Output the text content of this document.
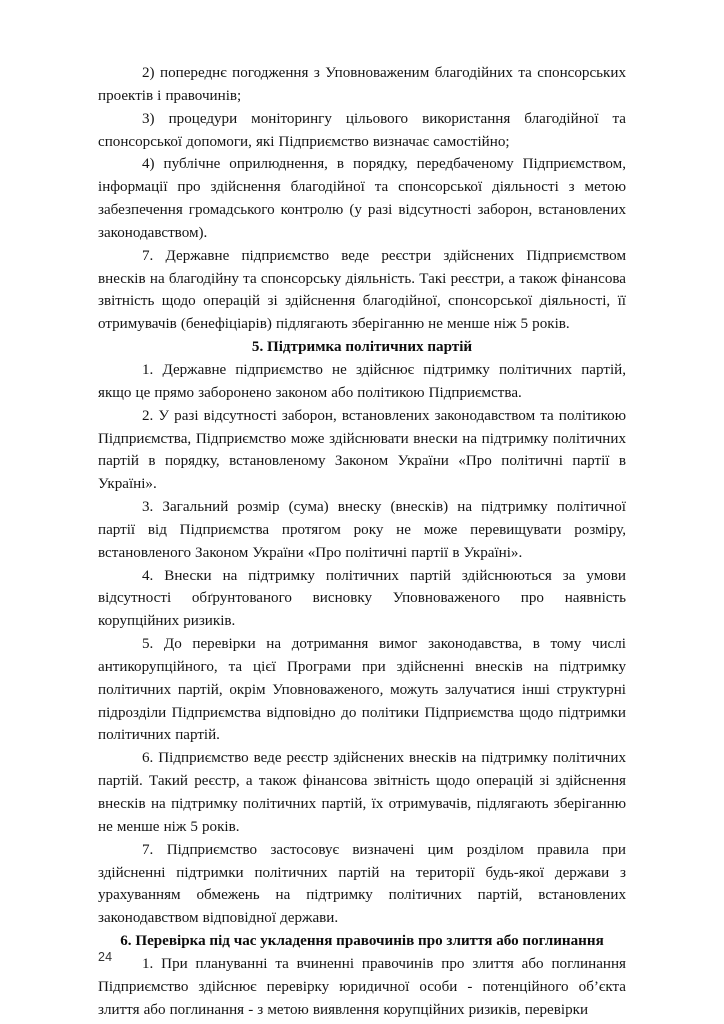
2) попереднє погодження з Уповноваженим благодійних та спонсорських проектів і правочинів;

3) процедури моніторингу цільового використання благодійної та спонсорської допомоги, які Підприємство визначає самостійно;

4) публічне оприлюднення, в порядку, передбаченому Підприємством, інформації про здійснення благодійної та спонсорської діяльності з метою забезпечення громадського контролю (у разі відсутності заборон, встановлених законодавством).

7. Державне підприємство веде реєстри здійснених Підприємством внесків на благодійну та спонсорську діяльність. Такі реєстри, а також фінансова звітність щодо операцій зі здійснення благодійної, спонсорської діяльності, її отримувачів (бенефіціарів) підлягають зберіганню не менше ніж 5 років.

5. Підтримка політичних партій

1. Державне підприємство не здійснює підтримку політичних партій, якщо це прямо заборонено законом або політикою Підприємства.

2. У разі відсутності заборон, встановлених законодавством та політикою Підприємства, Підприємство може здійснювати внески на підтримку політичних партій в порядку, встановленому Законом України «Про політичні партії в Україні».

3. Загальний розмір (сума) внеску (внесків) на підтримку політичної партії від Підприємства протягом року не може перевищувати розміру, встановленого Законом України «Про політичні партії в Україні».

4. Внески на підтримку політичних партій здійснюються за умови відсутності обґрунтованого висновку Уповноваженого про наявність корупційних ризиків.

5. До перевірки на дотримання вимог законодавства, в тому числі антикорупційного, та цієї Програми при здійсненні внесків на підтримку політичних партій, окрім Уповноваженого, можуть залучатися інші структурні підрозділи Підприємства відповідно до політики Підприємства щодо підтримки політичних партій.

6. Підприємство веде реєстр здійснених внесків на підтримку політичних партій. Такий реєстр, а також фінансова звітність щодо операцій зі здійснення внесків на підтримку політичних партій, їх отримувачів, підлягають зберіганню не менше ніж 5 років.

7. Підприємство застосовує визначені цим розділом правила при здійсненні підтримки політичних партій на території будь-якої держави з урахуванням обмежень на підтримку політичних партій, встановлених законодавством відповідної держави.

6. Перевірка під час укладення правочинів про злиття або поглинання

1. При плануванні та вчиненні правочинів про злиття або поглинання Підприємство здійснює перевірку юридичної особи - потенційного об’єкта злиття або поглинання - з метою виявлення корупційних ризиків, перевірки

24
